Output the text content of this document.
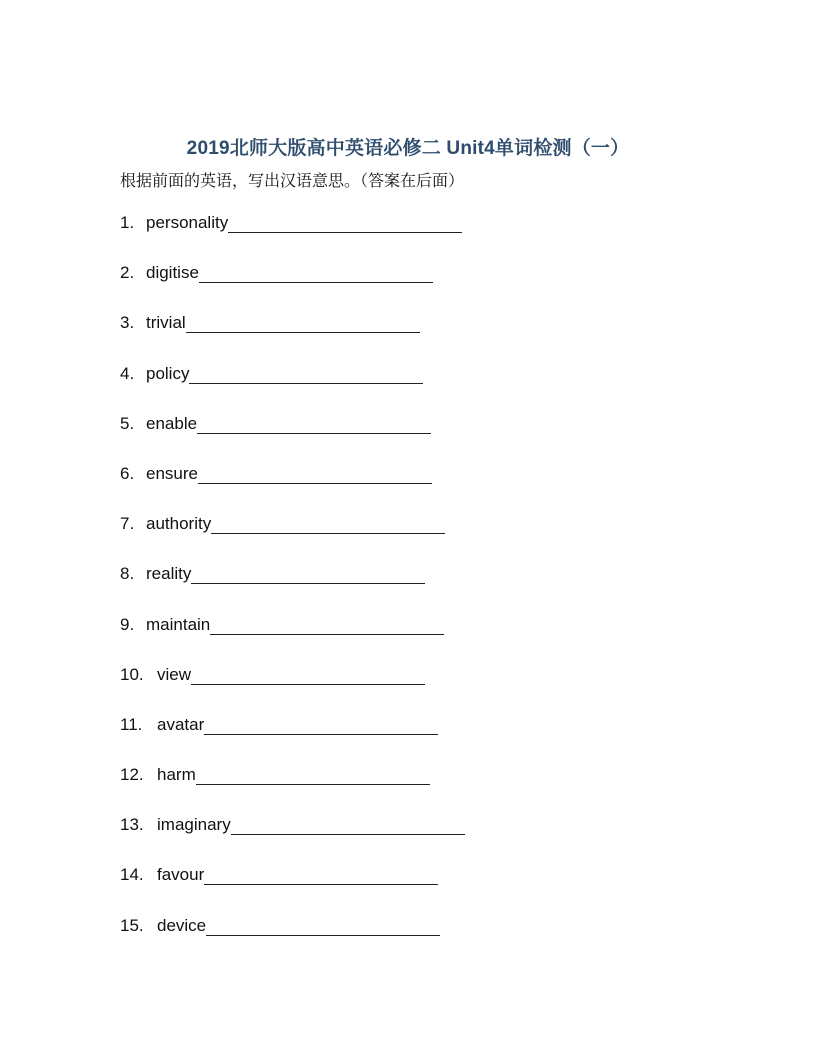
2019北师大版高中英语必修二 Unit4单词检测（一）
根据前面的英语，写出汉语意思。（答案在后面）
1. personality
2. digitise
3. trivial
4. policy
5. enable
6. ensure
7. authority
8. reality
9. maintain
10. view
11. avatar
12. harm
13. imaginary
14. favour
15. device
